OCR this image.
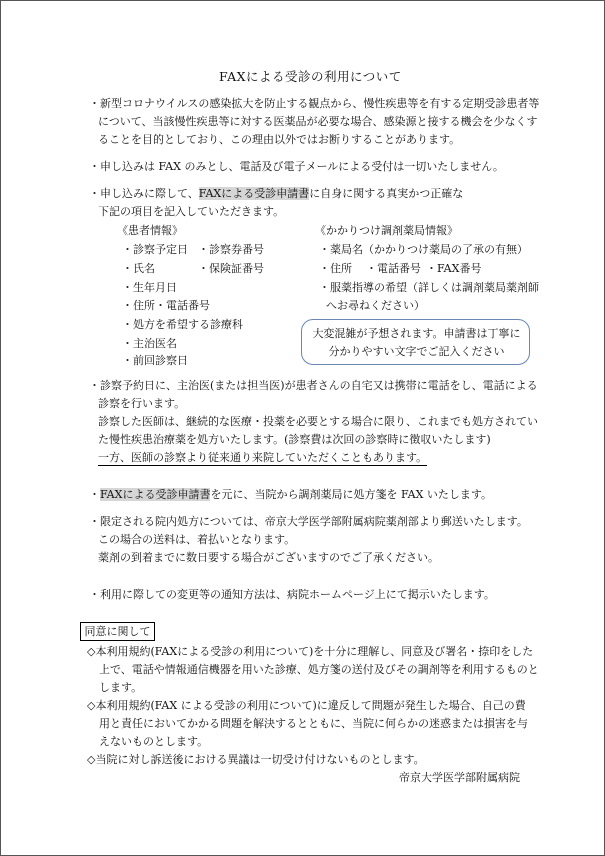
FAXによる受診の利用について
・新型コロナウイルスの感染拡大を防止する観点から、慢性疾患等を有する定期受診患者等
について、当該慢性疾患等に対する医薬品が必要な場合、感染源と接する機会を少なくす
ることを目的としており、この理由以外ではお断りすることがあります。
・申し込みは FAX のみとし、電話及び電子メールによる受付は一切いたしません。
・申し込みに際して、FAXによる受診申請書に自身に関する真実かつ正確な
下記の項目を記入していただきます。
《患者情報》
・診察予定日 ・診察券番号
・氏名	・保険証番号
・生年月日
・住所・電話番号
・処方を希望する診療科
・主治医名
・前回診察日
《かかりつけ調剤薬局情報》
・薬局名（かかりつけ薬局の了承の有無）
・住所 ・電話番号 ・FAX番号
・服薬指導の希望（詳しくは調剤薬局薬剤師
へお尋ねください）
大変混雑が予想されます。申請書は丁寧に
分かりやすい文字でご記入ください
・診察予約日に、主治医(または担当医)が患者さんの自宅又は携帯に電話をし、電話による
診察を行います。
診察した医師は、継続的な医療・投薬を必要とする場合に限り、これまでも処方されてい
た慢性疾患治療薬を処方いたします。(診察費は次回の診察時に徴収いたします)
一方、医師の診察より従来通り来院していただくこともあります。
・FAXによる受診申請書を元に、当院から調剤薬局に処方箋を FAX いたします。
・限定される院内処方については、帝京大学医学部附属病院薬剤部より郵送いたします。
この場合の送料は、着払いとなります。
薬剤の到着までに数日要する場合がございますのでご了承ください。
・利用に際しての変更等の通知方法は、病院ホームページ上にて掲示いたします。
同意に関して
◇本利用規約(FAXによる受診の利用について)を十分に理解し、同意及び署名・捺印をした
上で、電話や情報通信機器を用いた診療、処方箋の送付及びその調剤等を利用するものと
します。
◇本利用規約(FAX による受診の利用について)に違反して問題が発生した場合、自己の費
用と責任においてかかる問題を解決するとともに、当院に何らかの迷惑または損害を与
えないものとします。
◇当院に対し訴送後における異議は一切受け付けないものとします。
帝京大学医学部附属病院
